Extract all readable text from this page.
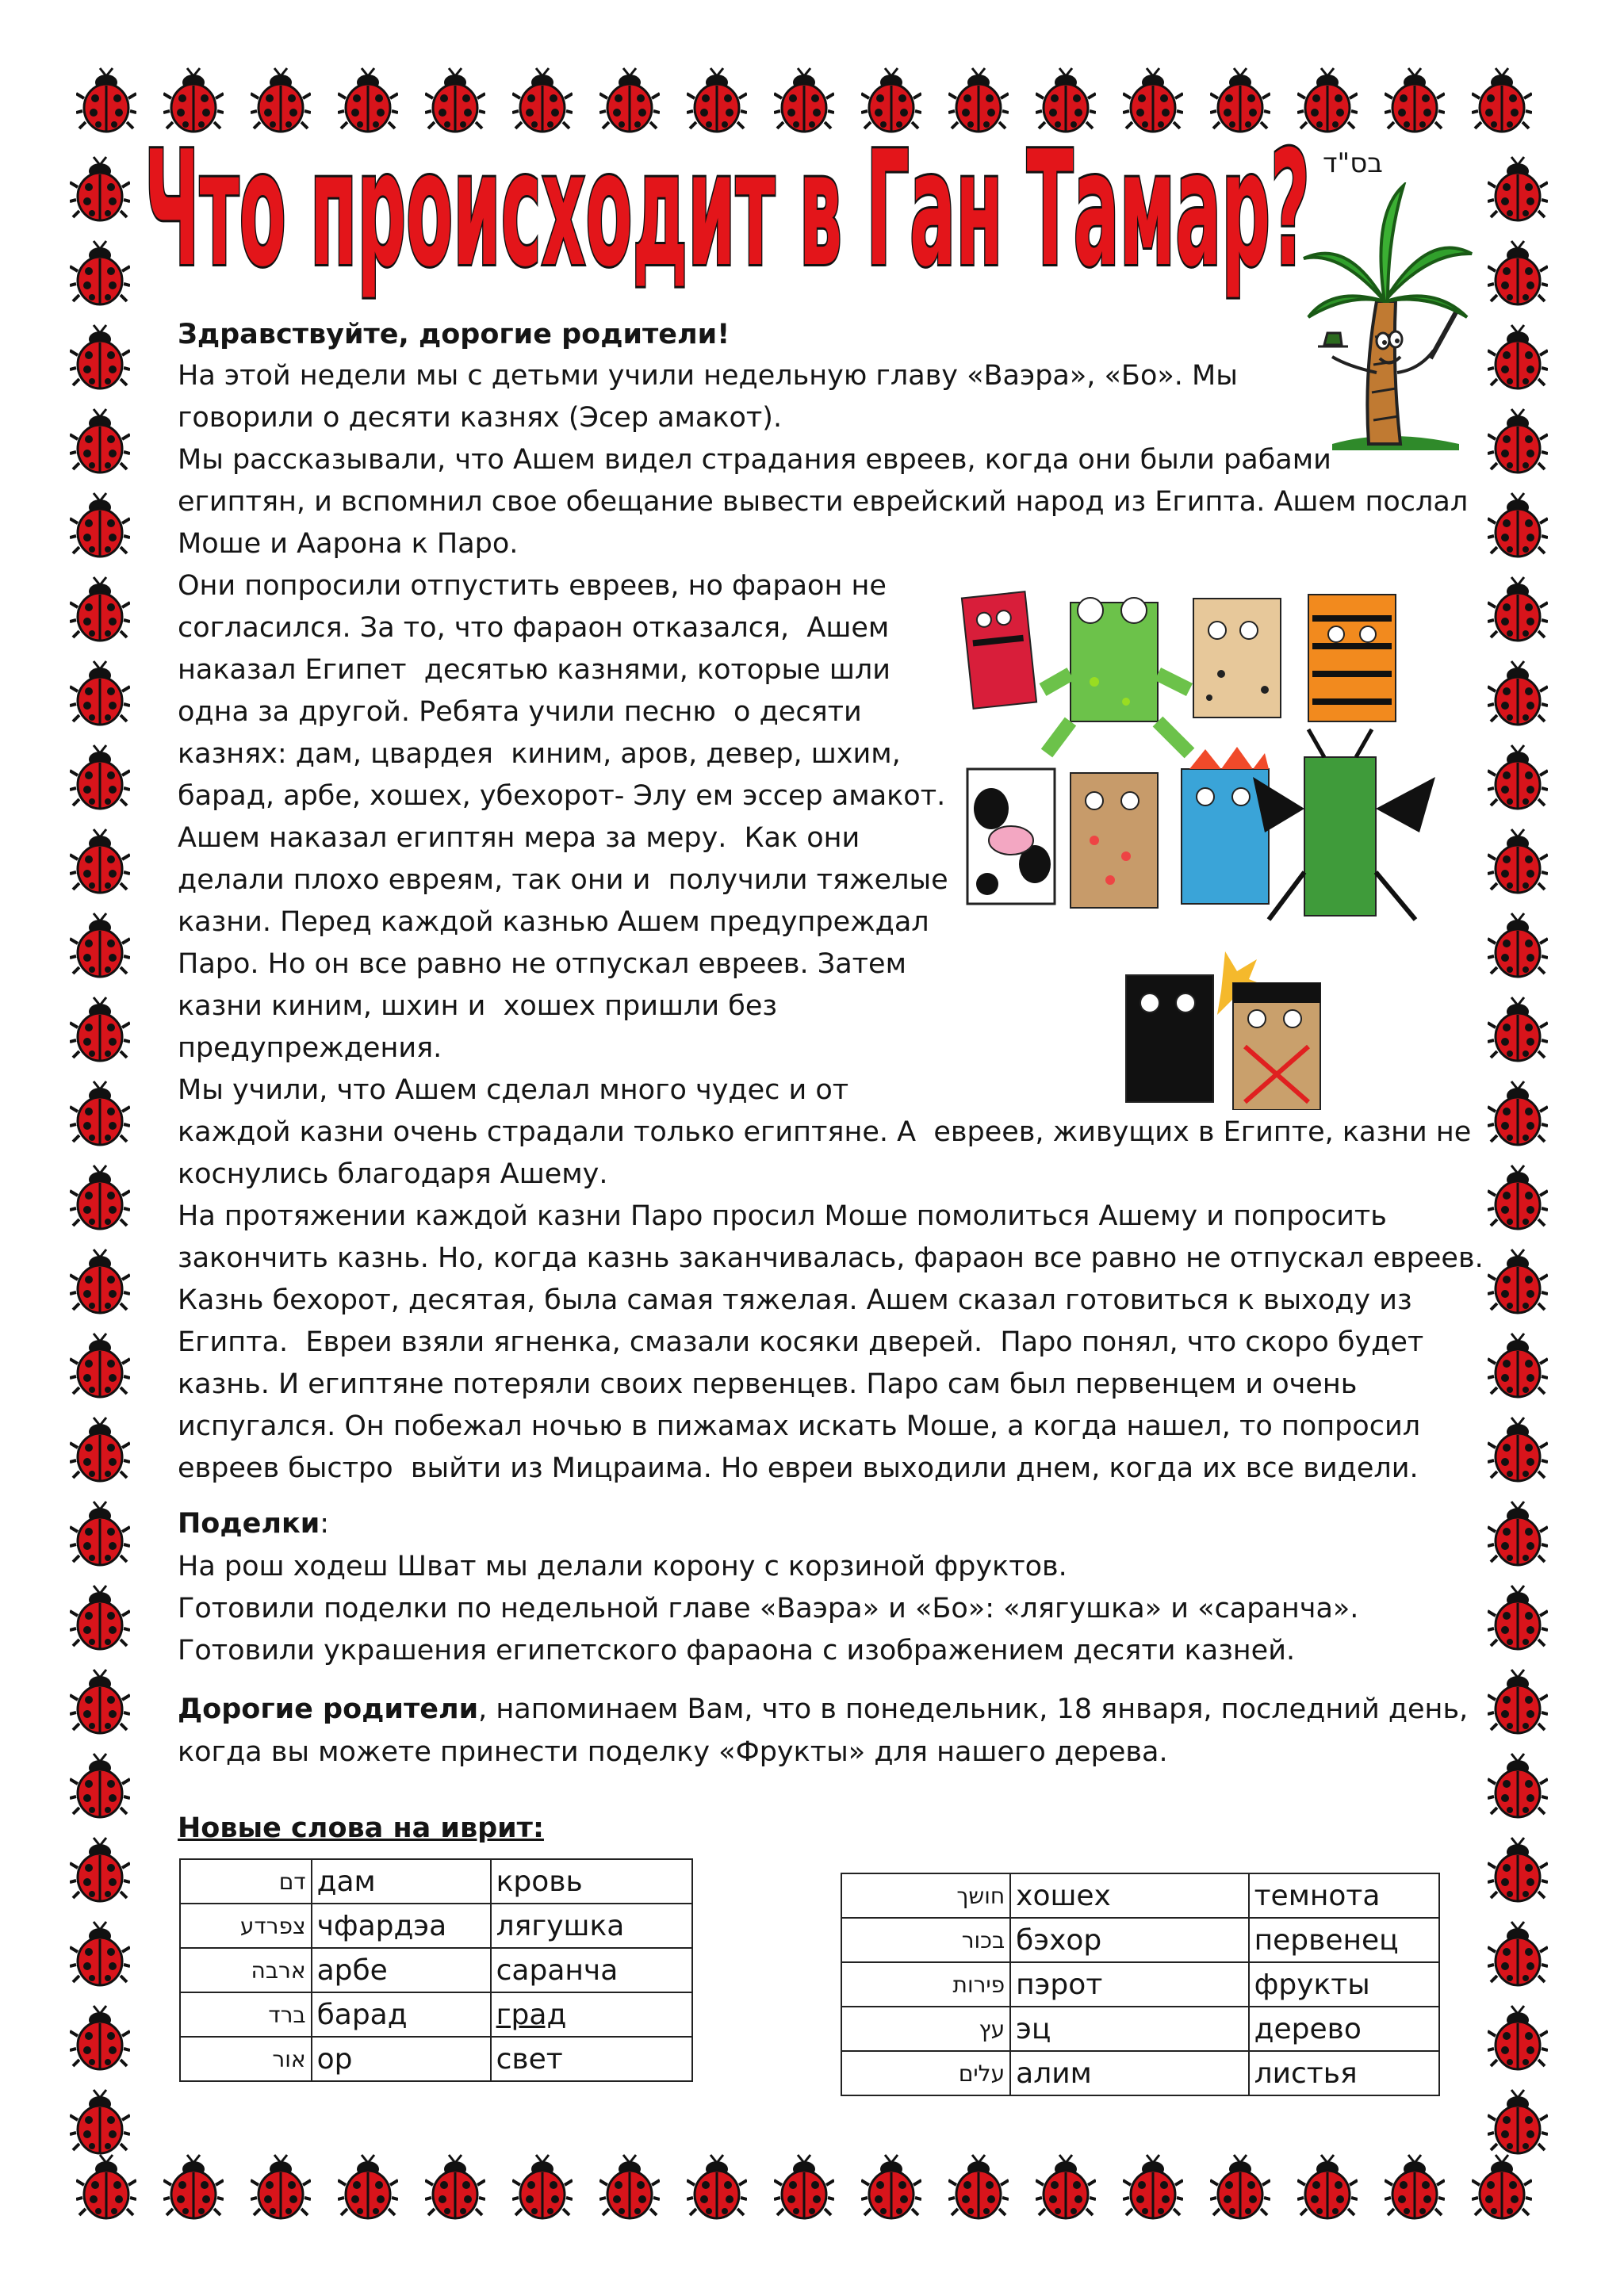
Что происходит в Ган Тамар? בס"ד
Здравствуйте, дорогие родители!
На этой недели мы с детьми учили недельную главу «Ваэра», «Бо». Мы
говорили о десяти казнях (Эсер амакот).
Мы рассказывали, что Ашем видел страдания евреев, когда они были рабами
египтян, и вспомнил свое обещание вывести еврейский народ из Египта. Ашем послал
Моше и Аарона к Паро.
Они попросили отпустить евреев, но фараон не
согласился. За то, что фараон отказался,  Ашем
наказал Египет  десятью казнями, которые шли
одна за другой. Ребята учили песню  о десяти
казнях: дам, цвардея  киним, аров, девер, шхим,
барад, арбе, хошех, убехорот- Элу ем эссер амакот.
Ашем наказал египтян мера за меру.  Как они
делали плохо евреям, так они и  получили тяжелые
казни. Перед каждой казнью Ашем предупреждал
Паро. Но он все равно не отпускал евреев. Затем
казни киним, шхин и  хошех пришли без
предупреждения.
Мы учили, что Ашем сделал много чудес и от
каждой казни очень страдали только египтяне. А  евреев, живущих в Египте, казни не
коснулись благодаря Ашему.
На протяжении каждой казни Паро просил Моше помолиться Ашему и попросить
закончить казнь. Но, когда казнь заканчивалась, фараон все равно не отпускал евреев.
Казнь бехорот, десятая, была самая тяжелая. Ашем сказал готовиться к выходу из
Египта.  Евреи взяли ягненка, смазали косяки дверей.  Паро понял, что скоро будет
казнь. И египтяне потеряли своих первенцев. Паро сам был первенцем и очень
испугался. Он побежал ночью в пижамах искать Моше, а когда нашел, то попросил
евреев быстро  выйти из Мицраима. Но евреи выходили днем, когда их все видели.
Поделки:
На рош ходеш Шват мы делали корону с корзиной фруктов.
Готовили поделки по недельной главе «Ваэра» и «Бо»: «лягушка» и «саранча».
Готовили украшения египетского фараона с изображением десяти казней.
Дорогие родители, напоминаем Вам, что в понедельник, 18 января, последний день,
когда вы можете принести поделку «Фрукты» для нашего дерева.
Новые слова на иврит:
דם	дам	кровь
צפרדע	чфардэа	лягушка
ארבה	арбе	саранча
ברד	барад	град
אור	ор	свет
חושך	хошех	темнота
בכור	бэхор	первенец
פירות	пэрот	фрукты
עץ	эц	дерево
עלים	алим	листья
